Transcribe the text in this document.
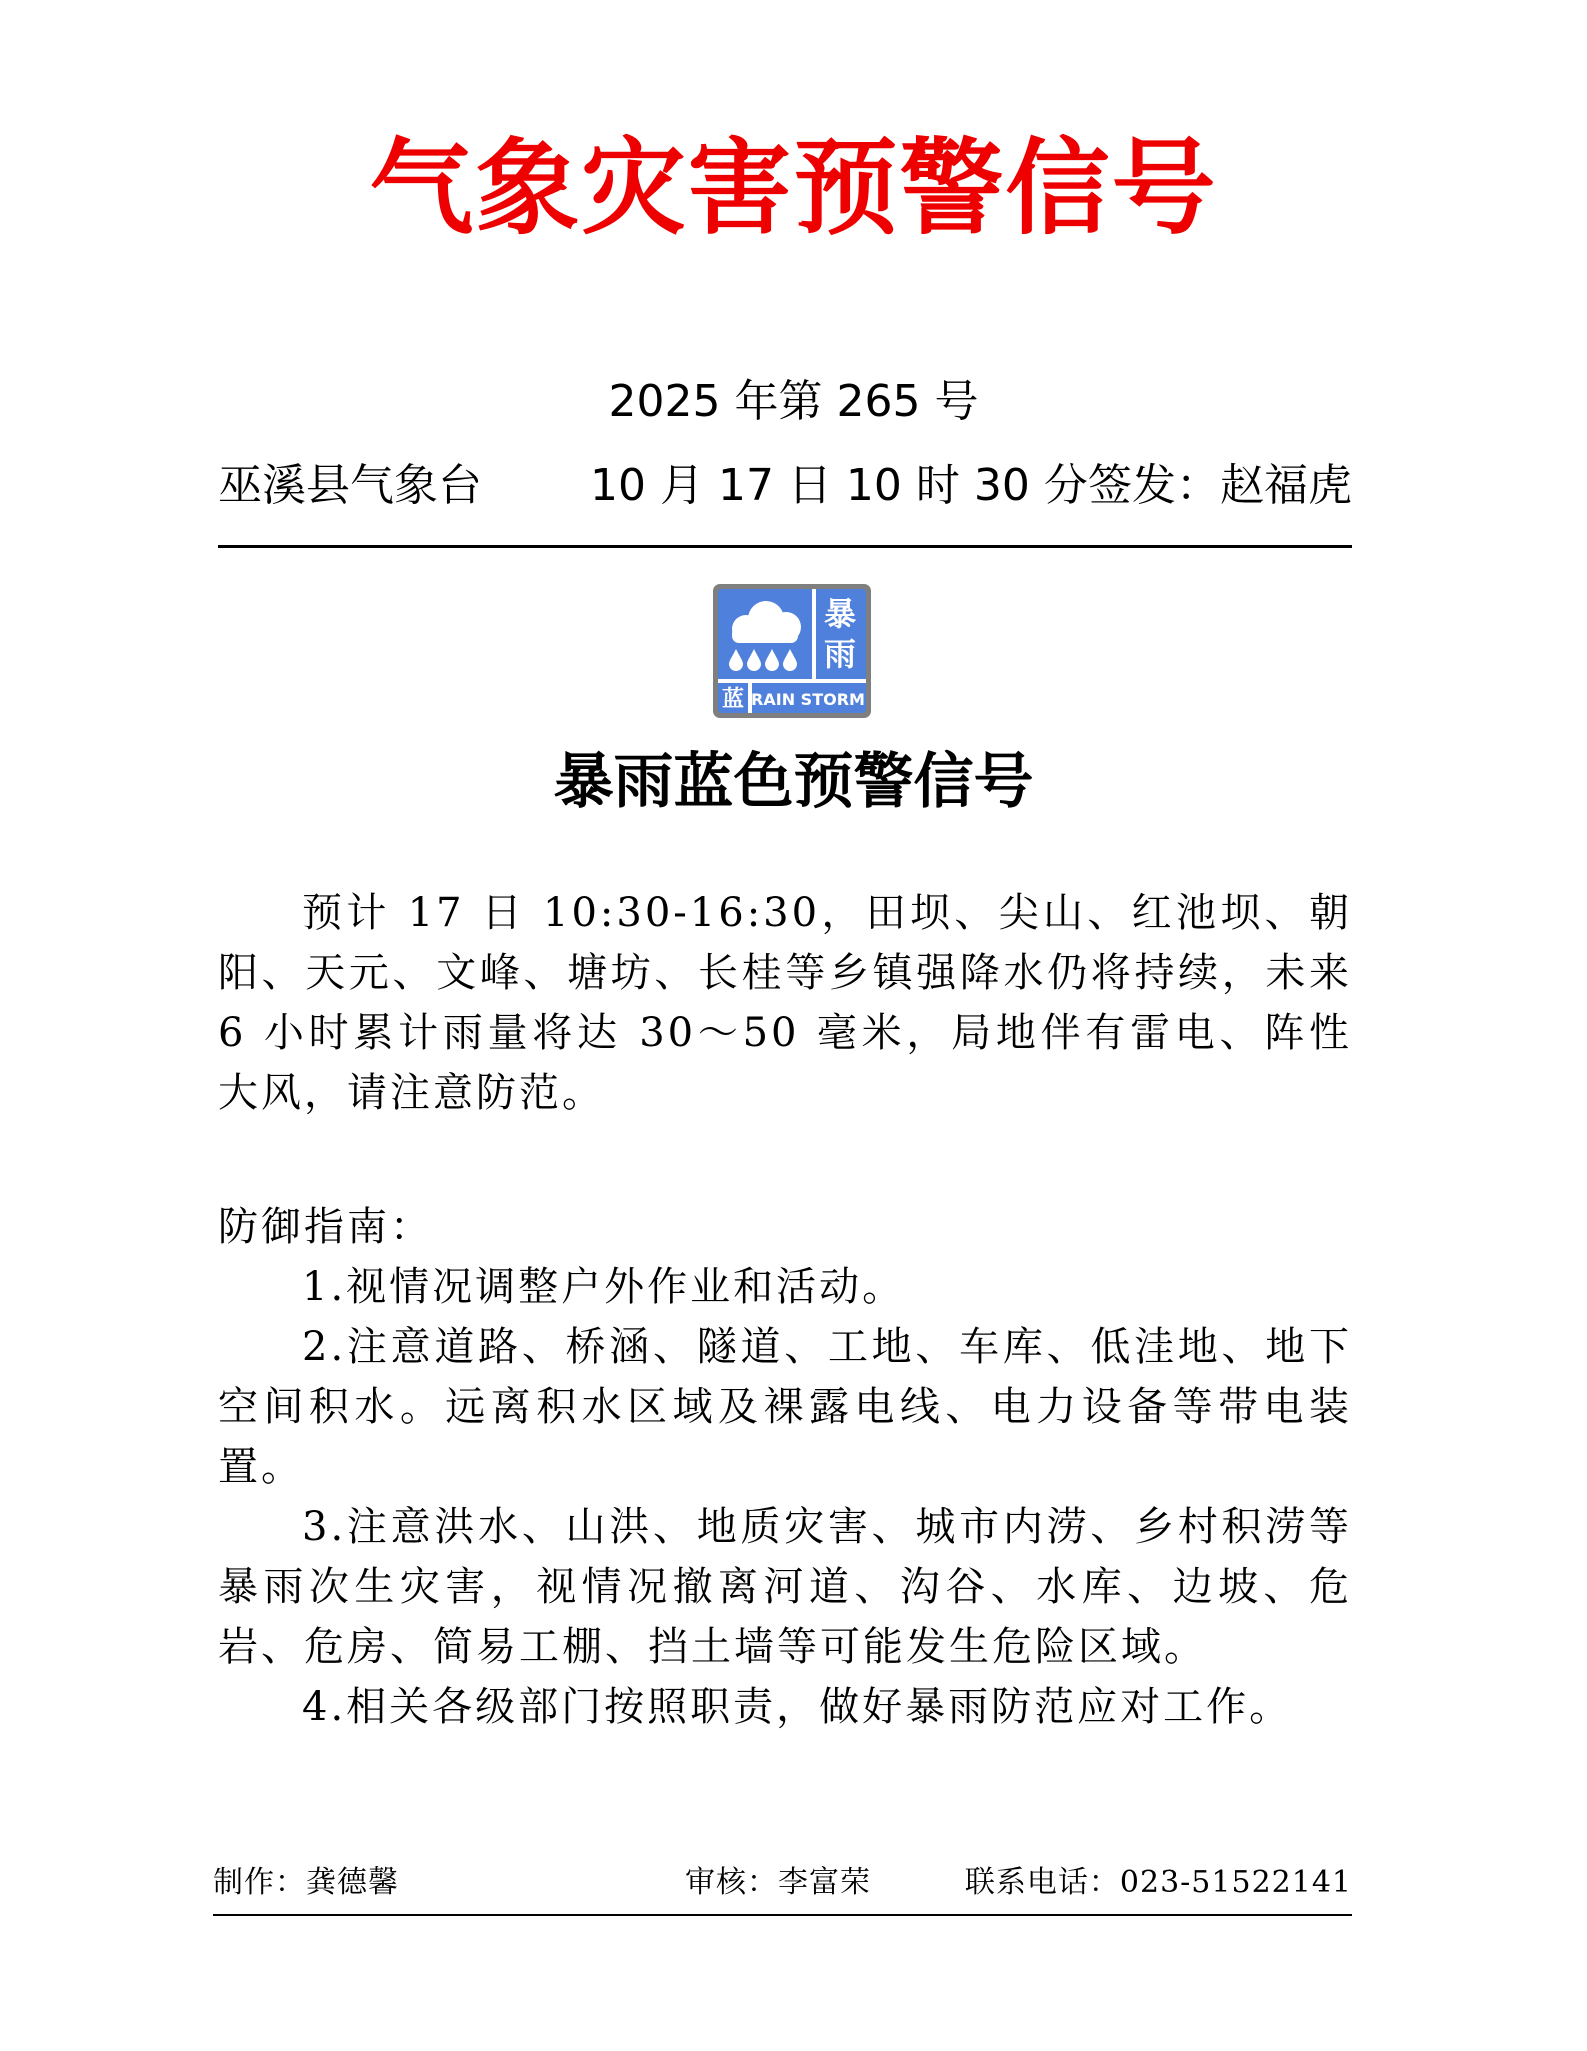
气象灾害预警信号
2025 年第 265 号
巫溪县气象台 10 月 17 日 10 时 30 分 签发：赵福虎
暴
雨
蓝 RAIN STORM
暴雨蓝色预警信号

预计 17 日 10:30-16:30，田坝、尖山、红池坝、朝阳、天元、文峰、塘坊、长桂等乡镇强降水仍将持续，未来 6 小时累计雨量将达 30～50 毫米，局地伴有雷电、阵性大风，请注意防范。

防御指南：

1.视情况调整户外作业和活动。

2.注意道路、桥涵、隧道、工地、车库、低洼地、地下空间积水。远离积水区域及裸露电线、电力设备等带电装置。

3.注意洪水、山洪、地质灾害、城市内涝、乡村积涝等暴雨次生灾害，视情况撤离河道、沟谷、水库、边坡、危岩、危房、简易工棚、挡土墙等可能发生危险区域。

4.相关各级部门按照职责，做好暴雨防范应对工作。

制作：龚德馨	审核：李富荣	联系电话：023-51522141
